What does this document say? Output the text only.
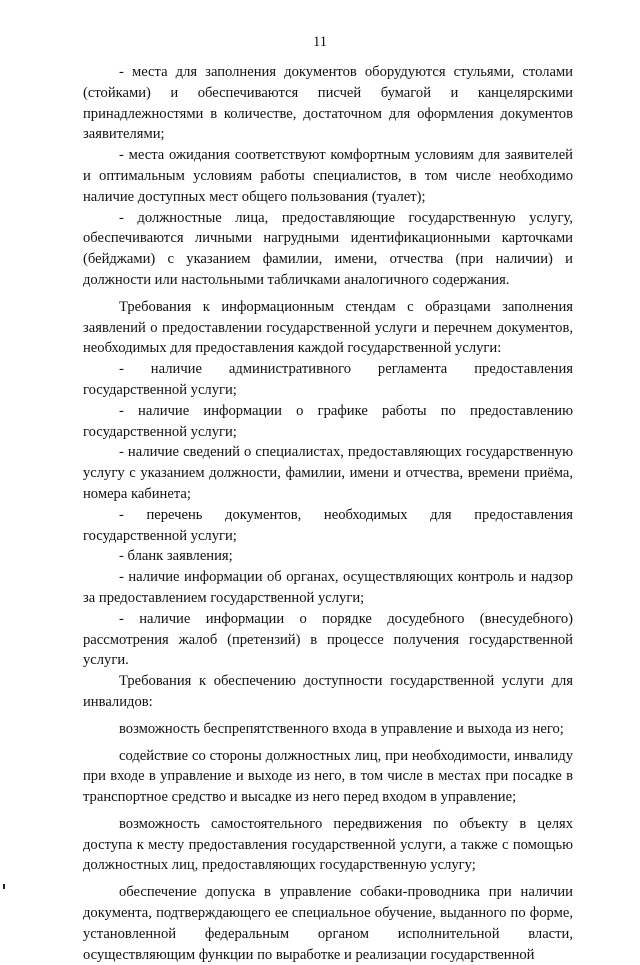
11

- места для заполнения документов оборудуются стульями, столами (стойками) и обеспечиваются писчей бумагой и канцелярскими принадлежностями в количестве, достаточном для оформления документов заявителями;

- места ожидания соответствуют комфортным условиям для заявителей и оптимальным условиям работы специалистов, в том числе необходимо наличие доступных мест общего пользования (туалет);

- должностные лица, предоставляющие государственную услугу, обеспечиваются личными нагрудными идентификационными карточками (бейджами) с указанием фамилии, имени, отчества (при наличии) и должности или настольными табличками аналогичного содержания.

Требования к информационным стендам с образцами заполнения заявлений о предоставлении государственной услуги и перечнем документов, необходимых для предоставления каждой государственной услуги:

- наличие административного регламента предоставления государственной услуги;

- наличие информации о графике работы по предоставлению государственной услуги;

- наличие сведений о специалистах, предоставляющих государственную услугу с указанием должности, фамилии, имени и отчества, времени приёма, номера кабинета;

- перечень документов, необходимых для предоставления государственной услуги;

- бланк заявления;

- наличие информации об органах, осуществляющих контроль и надзор за предоставлением государственной услуги;

- наличие информации о порядке досудебного (внесудебного) рассмотрения жалоб (претензий) в процессе получения государственной услуги.

Требования к обеспечению доступности государственной услуги для инвалидов:

возможность беспрепятственного входа в управление и выхода из него;

содействие со стороны должностных лиц, при необходимости, инвалиду при входе в управление и выходе из него, в том числе в местах при посадке в транспортное средство и высадке из него перед входом в управление;

возможность самостоятельного передвижения по объекту в целях доступа к месту предоставления государственной услуги, а также с помощью должностных лиц, предоставляющих государственную услугу;

обеспечение допуска в управление собаки-проводника при наличии документа, подтверждающего ее специальное обучение, выданного по форме, установленной федеральным органом исполнительной власти, осуществляющим функции по выработке и реализации государственной
